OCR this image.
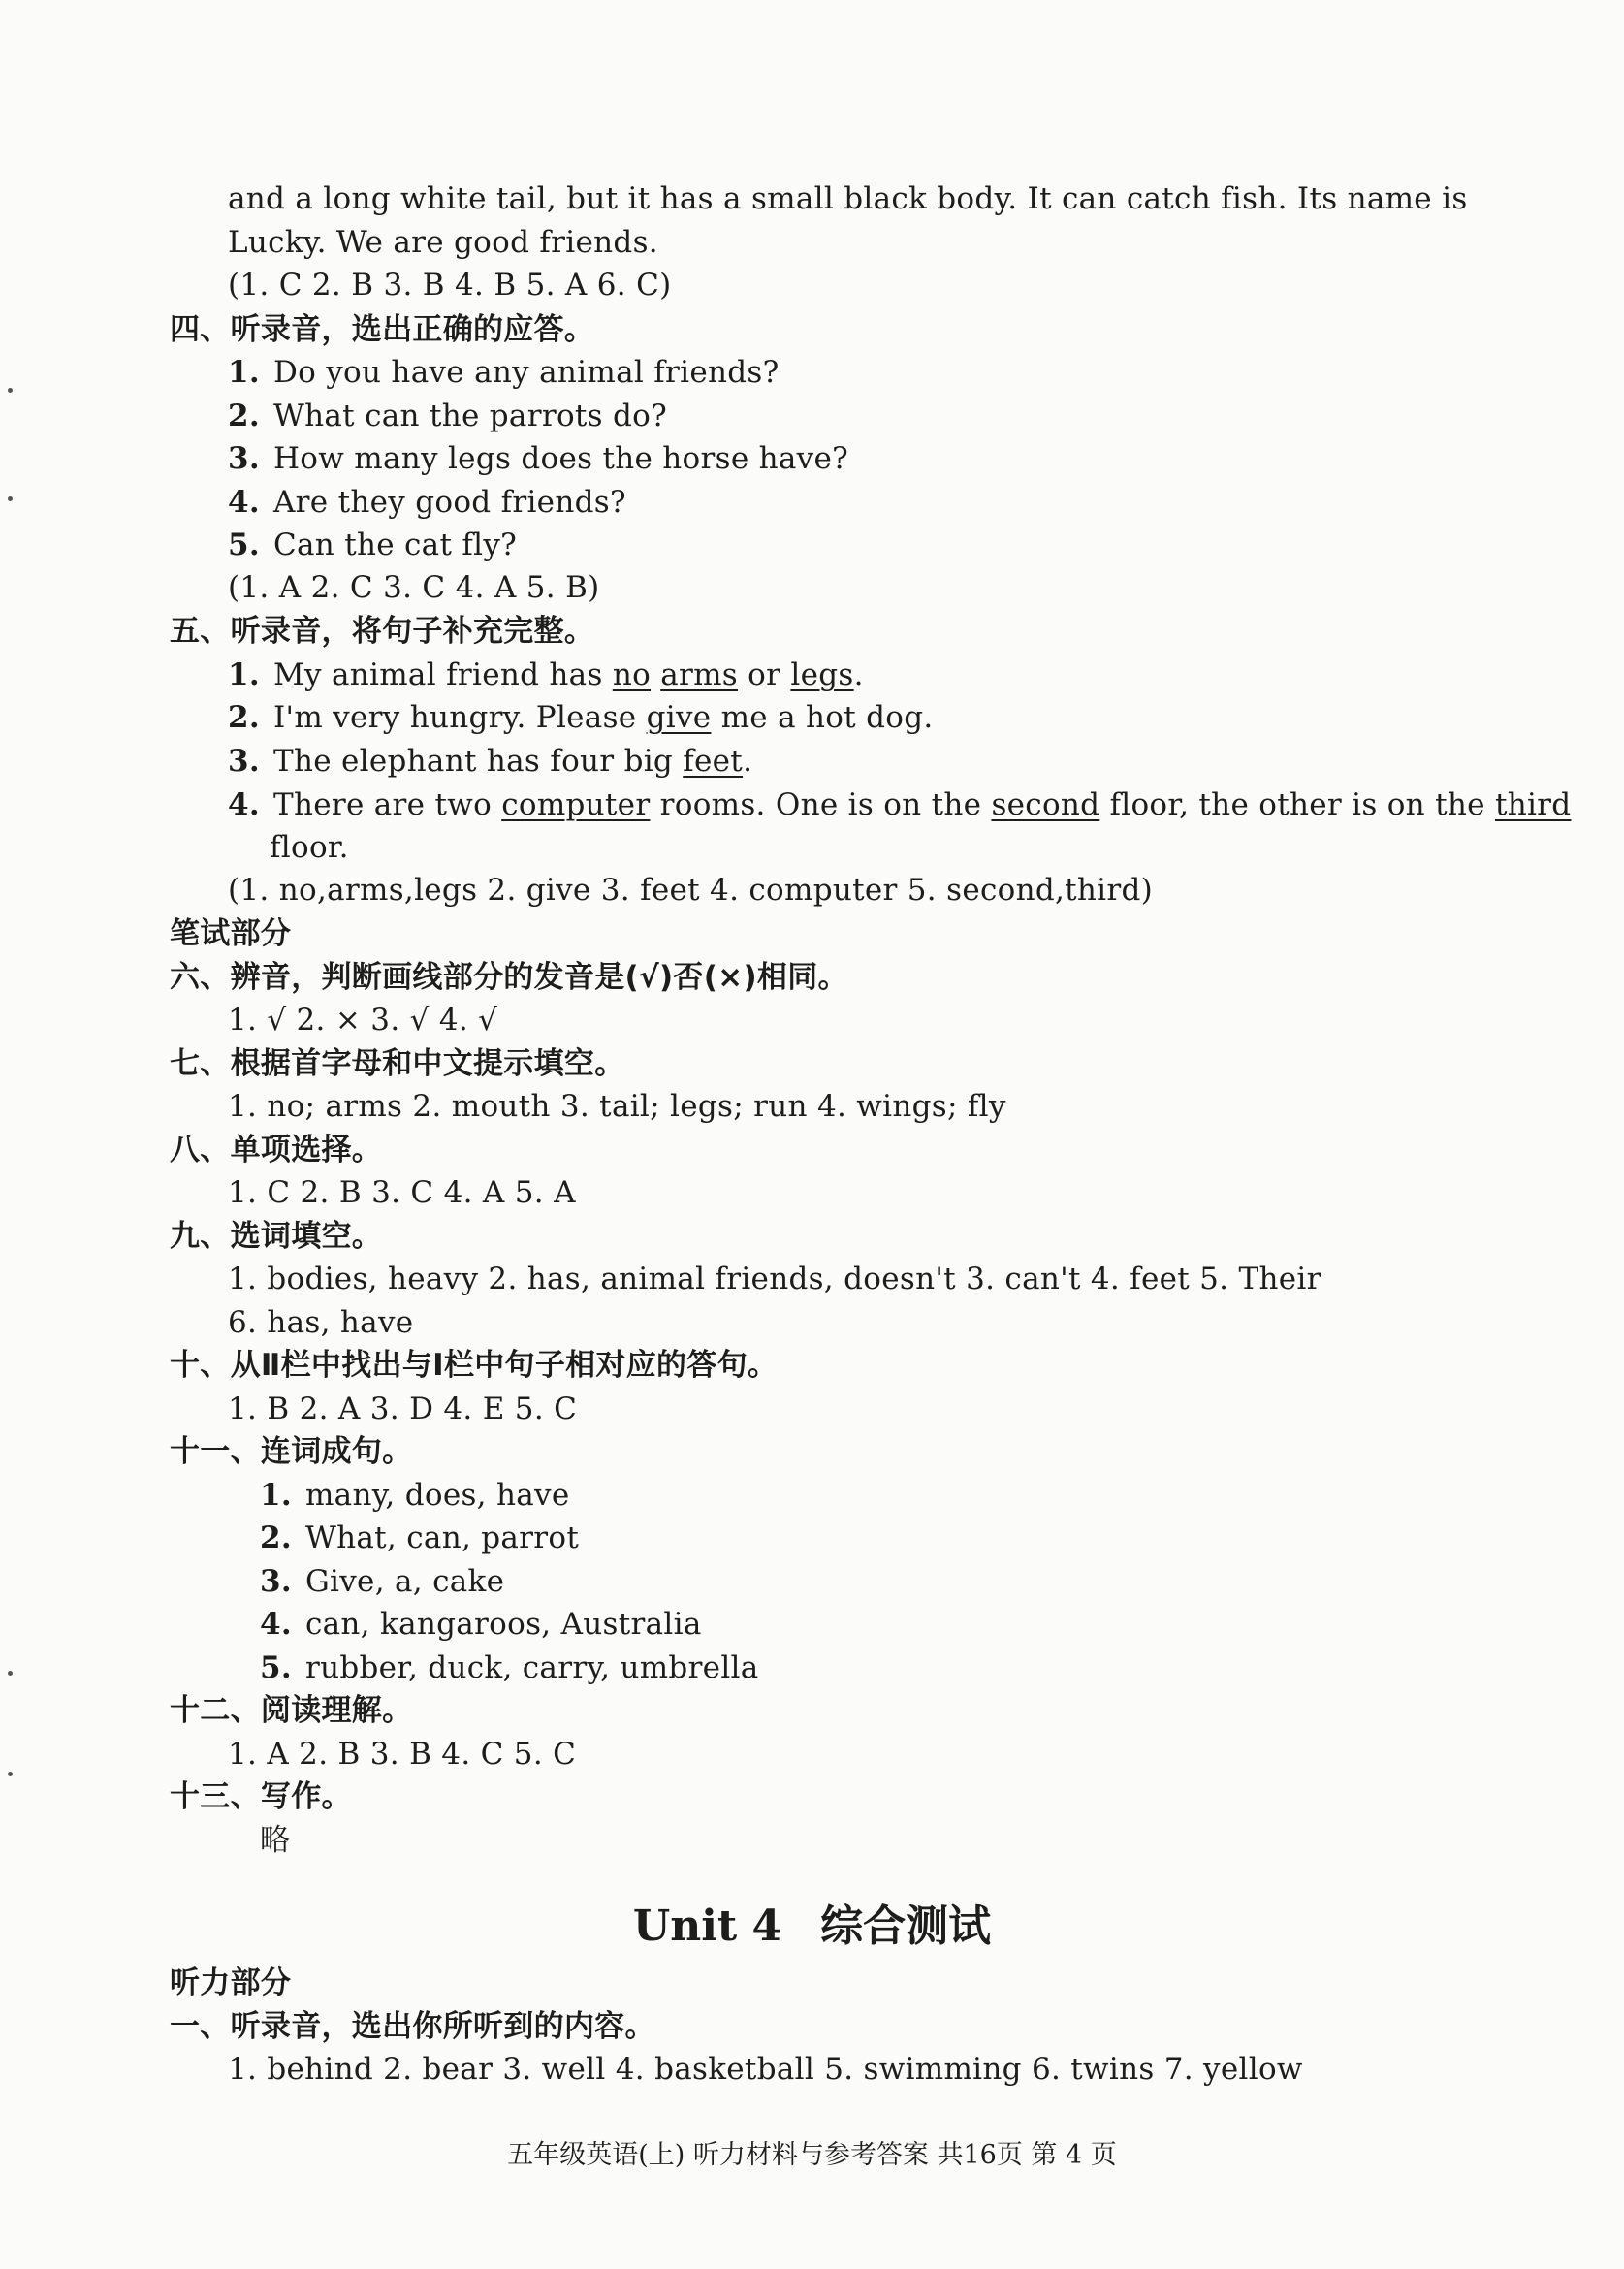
and a long white tail, but it has a small black body. It can catch fish. Its name is
Lucky. We are good friends.
(1. C 2. B 3. B 4. B 5. A 6. C)
四、听录音，选出正确的应答。
1. Do you have any animal friends?
2. What can the parrots do?
3. How many legs does the horse have?
4. Are they good friends?
5. Can the cat fly?
(1. A 2. C 3. C 4. A 5. B)
五、听录音，将句子补充完整。
1. My animal friend has no arms or legs.
2. I'm very hungry. Please give me a hot dog.
3. The elephant has four big feet.
4. There are two computer rooms. One is on the second floor, the other is on the third
floor.
(1. no,arms,legs 2. give 3. feet 4. computer 5. second,third)
笔试部分
六、辨音，判断画线部分的发音是(√)否(×)相同。
1. √ 2. × 3. √ 4. √
七、根据首字母和中文提示填空。
1. no; arms 2. mouth 3. tail; legs; run 4. wings; fly
八、单项选择。
1. C 2. B 3. C 4. A 5. A
九、选词填空。
1. bodies, heavy 2. has, animal friends, doesn't 3. can't 4. feet 5. Their
6. has, have
十、从Ⅱ栏中找出与Ⅰ栏中句子相对应的答句。
1. B 2. A 3. D 4. E 5. C
十一、连词成句。
1. many, does, have
2. What, can, parrot
3. Give, a, cake
4. can, kangaroos, Australia
5. rubber, duck, carry, umbrella
十二、阅读理解。
1. A 2. B 3. B 4. C 5. C
十三、写作。
略
Unit 4 综合测试
听力部分
一、听录音，选出你所听到的内容。
1. behind 2. bear 3. well 4. basketball 5. swimming 6. twins 7. yellow
五年级英语(上) 听力材料与参考答案 共16页 第 4 页
